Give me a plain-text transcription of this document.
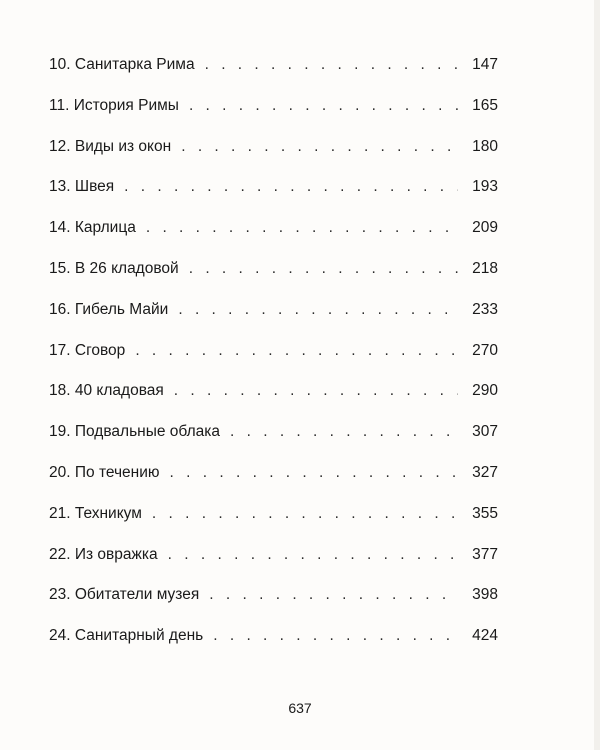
10. Санитарка Рима . . .	147
11. История Римы . . .	165
12. Виды из окон . . .	180
13. Швея . . .	193
14. Карлица . . .	209
15. В 26 кладовой . . .	218
16. Гибель Майи . . .	233
17. Сговор . . .	270
18. 40 кладовая . . .	290
19. Подвальные облака . . .	307
20. По течению . . .	327
21. Техникум . . .	355
22. Из овражка . . .	377
23. Обитатели музея . . .	398
24. Санитарный день . . .	424
637
